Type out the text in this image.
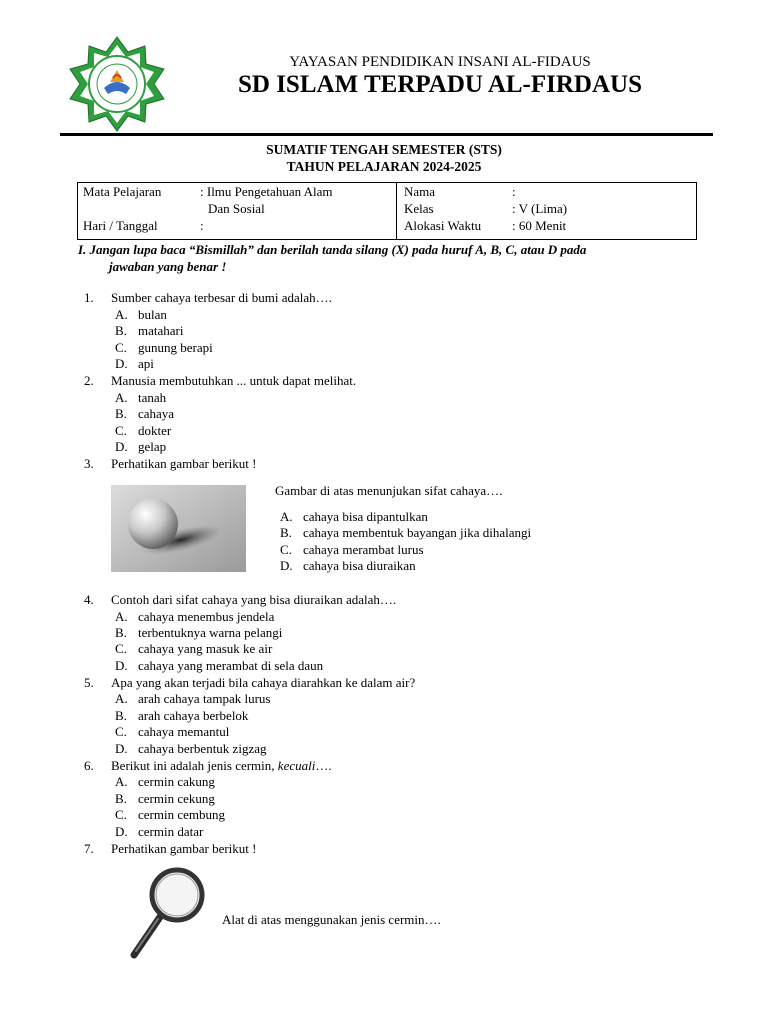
YAYASAN PENDIDIKAN INSANI AL-FIDAUS
SD ISLAM TERPADU AL-FIRDAUS
SUMATIF TENGAH SEMESTER (STS)
TAHUN PELAJARAN 2024-2025
Mata Pelajaran	: Ilmu Pengetahuan Alam
Dan Sosial
Hari / Tanggal	:
Nama	:
Kelas	: V (Lima)
Alokasi Waktu : 60 Menit
I. Jangan lupa baca “Bismillah” dan berilah tanda silang (X) pada huruf A, B, C, atau D pada
jawaban yang benar !
1. Sumber cahaya terbesar di bumi adalah….
A. bulan
B. matahari
C. gunung berapi
D. api
2. Manusia membutuhkan ... untuk dapat melihat.
A. tanah
B. cahaya
C. dokter
D. gelap
3. Perhatikan gambar berikut !
Gambar di atas menunjukan sifat cahaya….
A. cahaya bisa dipantulkan
B. cahaya membentuk bayangan jika dihalangi
C. cahaya merambat lurus
D. cahaya bisa diuraikan
4. Contoh dari sifat cahaya yang bisa diuraikan adalah….
A. cahaya menembus jendela
B. terbentuknya warna pelangi
C. cahaya yang masuk ke air
D. cahaya yang merambat di sela daun
5. Apa yang akan terjadi bila cahaya diarahkan ke dalam air?
A. arah cahaya tampak lurus
B. arah cahaya berbelok
C. cahaya memantul
D. cahaya berbentuk zigzag
6. Berikut ini adalah jenis cermin, kecuali….
A. cermin cakung
B. cermin cekung
C. cermin cembung
D. cermin datar
7. Perhatikan gambar berikut !
Alat di atas menggunakan jenis cermin….
